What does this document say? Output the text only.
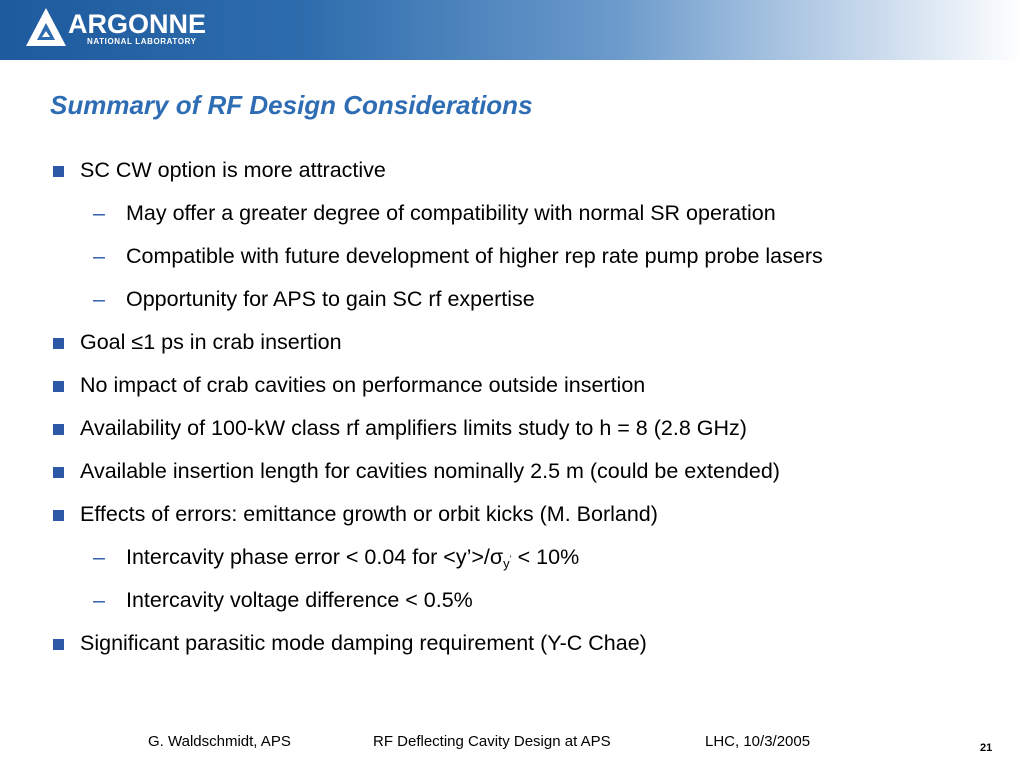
ARGONNE
NATIONAL LABORATORY
Summary of RF Design Considerations
SC CW option is more attractive
– May offer a greater degree of compatibility with normal SR operation
– Compatible with future development of higher rep rate pump probe lasers
– Opportunity for APS to gain SC rf expertise
Goal ≤1 ps in crab insertion
No impact of crab cavities on performance outside insertion
Availability of 100-kW class rf amplifiers limits study to h = 8 (2.8 GHz)
Available insertion length for cavities nominally 2.5 m (could be extended)
Effects of errors: emittance growth or orbit kicks (M. Borland)
– Intercavity phase error < 0.04 for $<y’>/\sigma_{y^’} < 10\%$
– Intercavity voltage difference < 0.5%
Significant parasitic mode damping requirement (Y-C Chae)
G. Waldschmidt, APS	RF Deflecting Cavity Design at APS	LHC, 10/3/2005	21
